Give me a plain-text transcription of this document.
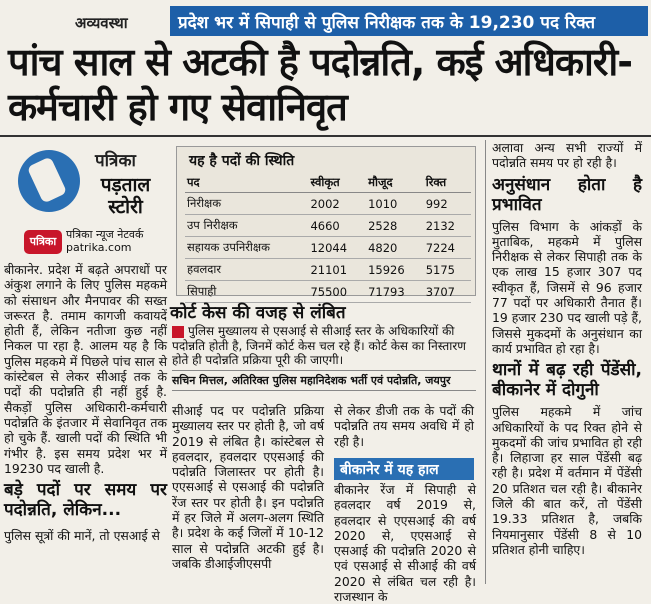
अव्यवस्था	प्रदेश भर में सिपाही से पुलिस निरीक्षक तक के 19,230 पद रिक्त
पांच साल से अटकी है पदोन्नति, कई अधिकारी-कर्मचारी हो गए सेवानिवृत
पत्रिका
पड़ताल स्टोरी
पत्रिका
पत्रिका न्यूज नेटवर्क
patrika.com
बीकानेर. प्रदेश में बढ़ते अपराधों पर अंकुश लगाने के लिए पुलिस महकमे को संसाधन और मैनपावर की सख्त जरूरत है. तमाम कागजी कवायदें होती हैं, लेकिन नतीजा कुछ नहीं निकल पा रहा है. आलम यह है कि पुलिस महकमे में पिछले पांच साल से कांस्टेबल से लेकर सीआई तक के पदों की पदोन्नति ही नहीं हुई है. सैकड़ों पुलिस अधिकारी-कर्मचारी पदोन्नति के इंतजार में सेवानिवृत तक हो चुके हैं. खाली पदों की स्थिति भी गंभीर है. इस समय प्रदेश भर में 19230 पद खाली है.
बड़े पदों पर समय पर पदोन्नति, लेकिन...
पुलिस सूत्रों की मानें, तो एसआई से
यह है पदों की स्थिति
पद	स्वीकृत	मौजूद	रिक्त
निरीक्षक	2002	1010	992
उप निरीक्षक	4660	2528	2132
सहायक उपनिरीक्षक	12044	4820	7224
हवलदार	21101	15926	5175
सिपाही	75500	71793	3707
कोर्ट केस की वजह से लंबित
पुलिस मुख्यालय से एसआई से सीआई स्तर के अधिकारियों की पदोन्नति होती है, जिनमें कोर्ट केस चल रहे हैं। कोर्ट केस का निस्तारण होते ही पदोन्नति प्रक्रिया पूरी की जाएगी।
सचिन मित्तल, अतिरिक्त पुलिस महानिदेशक भर्ती एवं पदोन्नति, जयपुर
सीआई पद पर पदोन्नति प्रक्रिया मुख्यालय स्तर पर होती है, जो वर्ष 2019 से लंबित है। कांस्टेबल से हवलदार, हवलदार एएसआई की पदोन्नति जिलास्तर पर होती है। एएसआई से एसआई की पदोन्नति रेंज स्तर पर होती है। इन पदोन्नति में हर जिले में अलग-अलग स्थिति है। प्रदेश के कई जिलों में 10-12 साल से पदोन्नति अटकी हुई है। जबकि डीआईजीएसपी
से लेकर डीजी तक के पदों की पदोन्नति तय समय अवधि में हो रही है।
बीकानेर में यह हाल
बीकानेर रेंज में सिपाही से हवलदार वर्ष 2019 से, हवलदार से एएसआई की वर्ष 2020 से, एएसआई से एसआई की पदोन्नति 2020 से एवं एसआई से सीआई की वर्ष 2020 से लंबित चल रही है। राजस्थान के
अलावा अन्य सभी राज्यों में पदोन्नति समय पर हो रही है।
अनुसंधान होता है प्रभावित
पुलिस विभाग के आंकड़ों के मुताबिक, महकमे में पुलिस निरीक्षक से लेकर सिपाही तक के एक लाख 15 हजार 307 पद स्वीकृत हैं, जिसमें से 96 हजार 77 पदों पर अधिकारी तैनात हैं। 19 हजार 230 पद खाली पड़े हैं, जिससे मुकदमों के अनुसंधान का कार्य प्रभावित हो रहा है।
थानों में बढ़ रही पेंडेंसी, बीकानेर में दोगुनी
पुलिस महकमे में जांच अधिकारियों के पद रिक्त होने से मुकदमों की जांच प्रभावित हो रही है। लिहाजा हर साल पेंडेंसी बढ़ रही है। प्रदेश में वर्तमान में पेंडेंसी 20 प्रतिशत चल रही है। बीकानेर जिले की बात करें, तो पेंडेंसी 19.33 प्रतिशत है, जबकि नियमानुसार पेंडेंसी 8 से 10 प्रतिशत होनी चाहिए।
